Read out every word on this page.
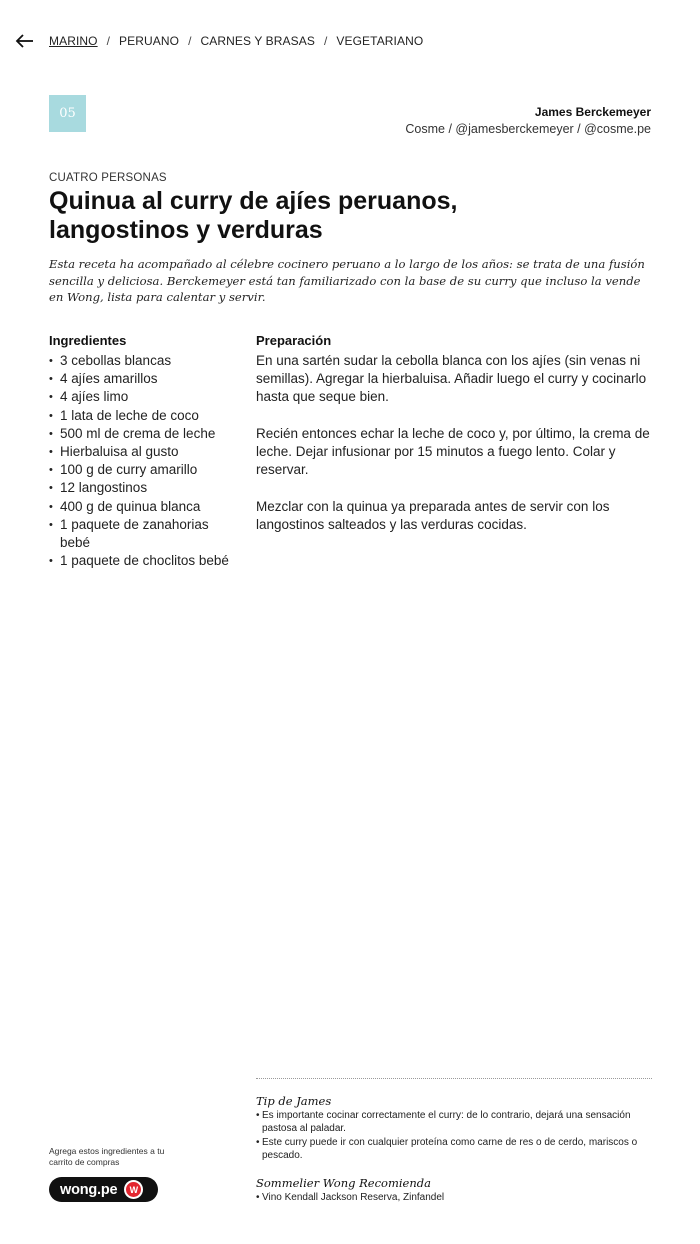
MARINO / PERUANO / CARNES Y BRASAS / VEGETARIANO
05	James Berckemeyer
Cosme / @jamesberckemeyer / @cosme.pe
CUATRO PERSONAS
Quinua al curry de ajíes peruanos, langostinos y verduras

Esta receta ha acompañado al célebre cocinero peruano a lo largo de los años: se trata de una fusión sencilla y deliciosa. Berckemeyer está tan familiarizado con la base de su curry que incluso la vende en Wong, lista para calentar y servir.

Ingredientes
• 3 cebollas blancas
• 4 ajíes amarillos
• 4 ajíes limo
• 1 lata de leche de coco
• 500 ml de crema de leche
• Hierbaluisa al gusto
• 100 g de curry amarillo
• 12 langostinos
• 400 g de quinua blanca
• 1 paquete de zanahorias bebé
• 1 paquete de choclitos bebé
Preparación

En una sartén sudar la cebolla blanca con los ajíes (sin venas ni semillas). Agregar la hierbaluisa. Añadir luego el curry y cocinarlo hasta que seque bien.

Recién entonces echar la leche de coco y, por último, la crema de leche. Dejar infusionar por 15 minutos a fuego lento. Colar y reservar.

Mezclar con la quinua ya preparada antes de servir con los langostinos salteados y las verduras cocidas.

Tip de James
• Es importante cocinar correctamente el curry: de lo contrario, dejará una sensación pastosa al paladar.
• Este curry puede ir con cualquier proteína como carne de res o de cerdo, mariscos o pescado.
Sommelier Wong Recomienda
• Vino Kendall Jackson Reserva, Zinfandel
Agrega estos ingredientes a tu carrito de compras
wong.pe	W
